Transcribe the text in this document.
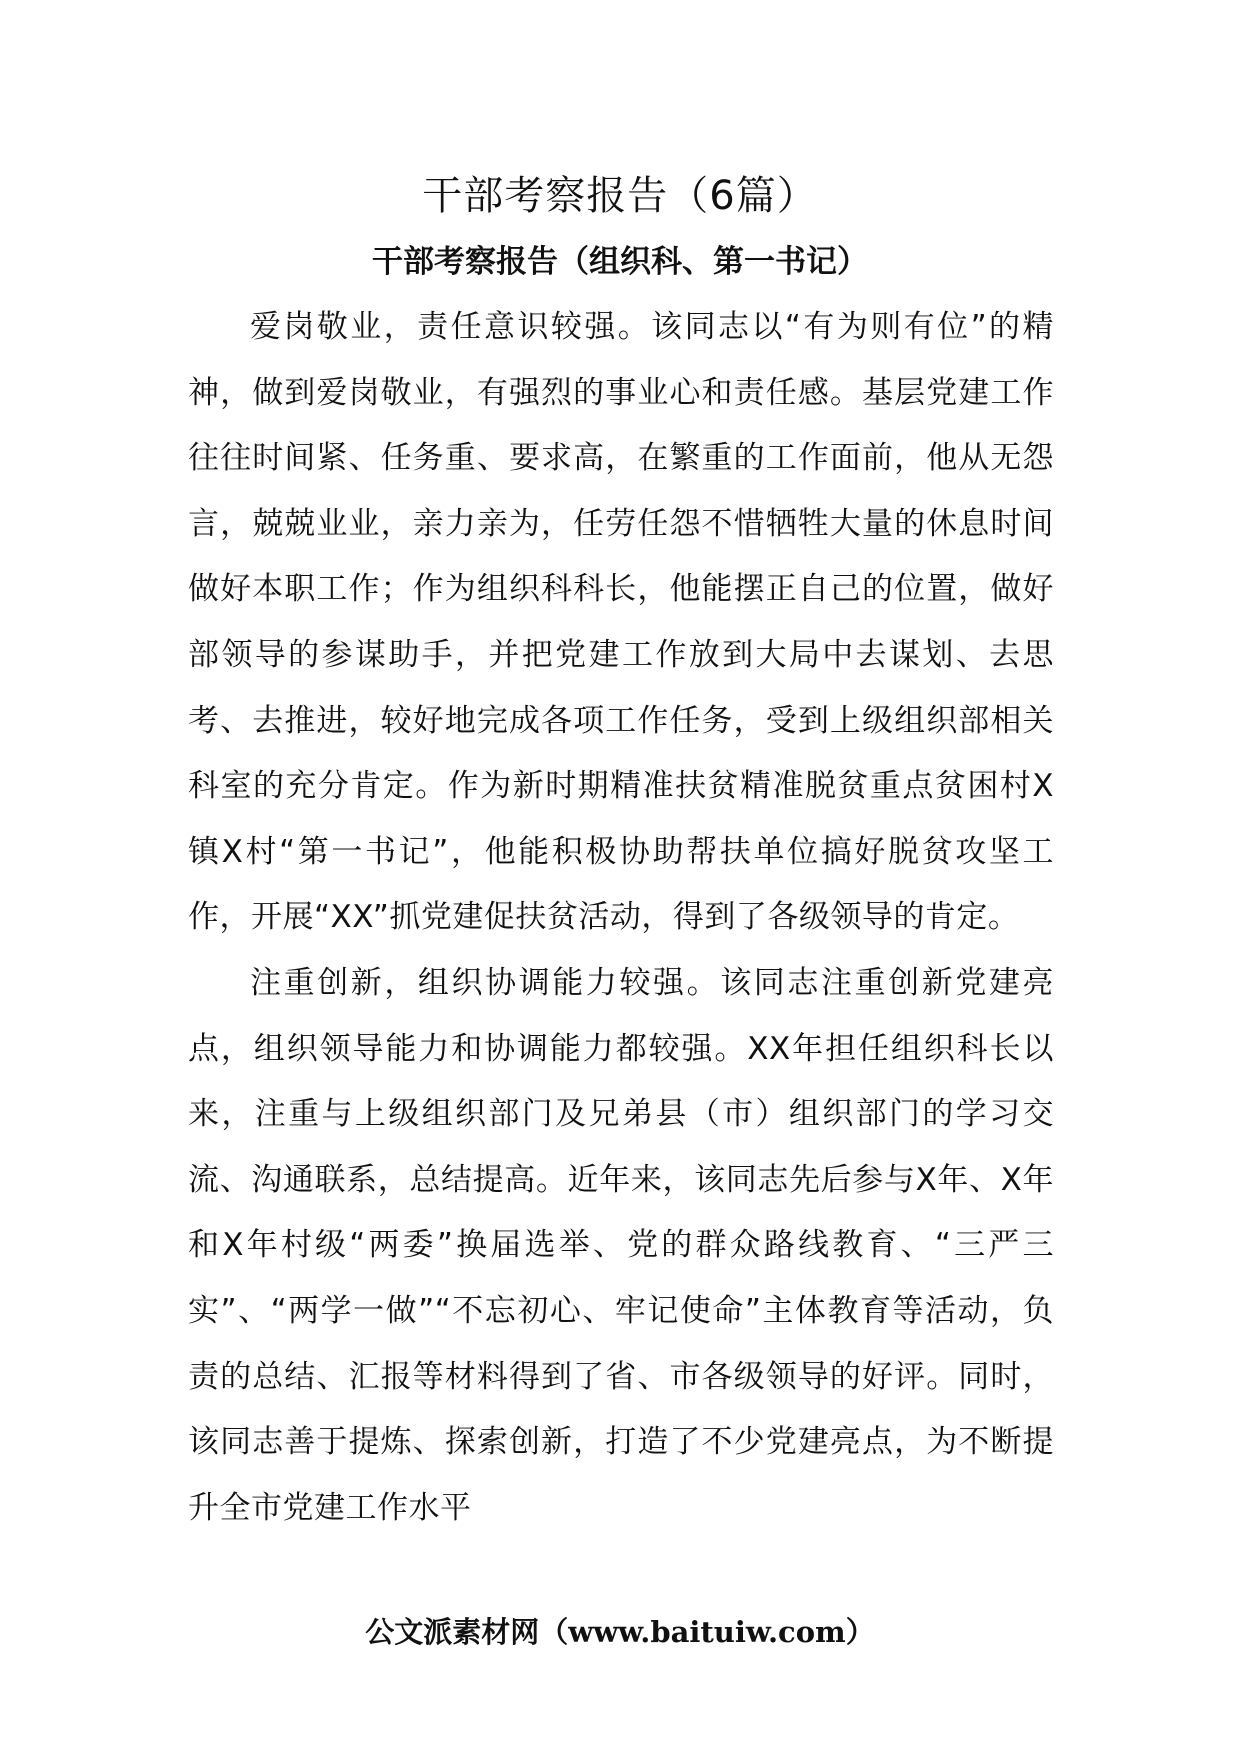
干部考察报告（6篇）
干部考察报告（组织科、第一书记）

爱岗敬业，责任意识较强。该同志以“有为则有位”的精神，做到爱岗敬业，有强烈的事业心和责任感。基层党建工作往往时间紧、任务重、要求高，在繁重的工作面前，他从无怨言，兢兢业业，亲力亲为，任劳任怨不惜牺牲大量的休息时间做好本职工作；作为组织科科长，他能摆正自己的位置，做好部领导的参谋助手，并把党建工作放到大局中去谋划、去思考、去推进，较好地完成各项工作任务，受到上级组织部相关科室的充分肯定。作为新时期精准扶贫精准脱贫重点贫困村X镇X村“第一书记”，他能积极协助帮扶单位搞好脱贫攻坚工作，开展“XX”抓党建促扶贫活动，得到了各级领导的肯定。

注重创新，组织协调能力较强。该同志注重创新党建亮点，组织领导能力和协调能力都较强。XX年担任组织科长以来，注重与上级组织部门及兄弟县（市）组织部门的学习交流、沟通联系，总结提高。近年来，该同志先后参与X年、X年和X年村级“两委”换届选举、党的群众路线教育、“三严三实”、“两学一做”“不忘初心、牢记使命”主体教育等活动，负责的总结、汇报等材料得到了省、市各级领导的好评。同时，该同志善于提炼、探索创新，打造了不少党建亮点，为不断提升全市党建工作水平

公文派素材网（www.baituiw.com）
